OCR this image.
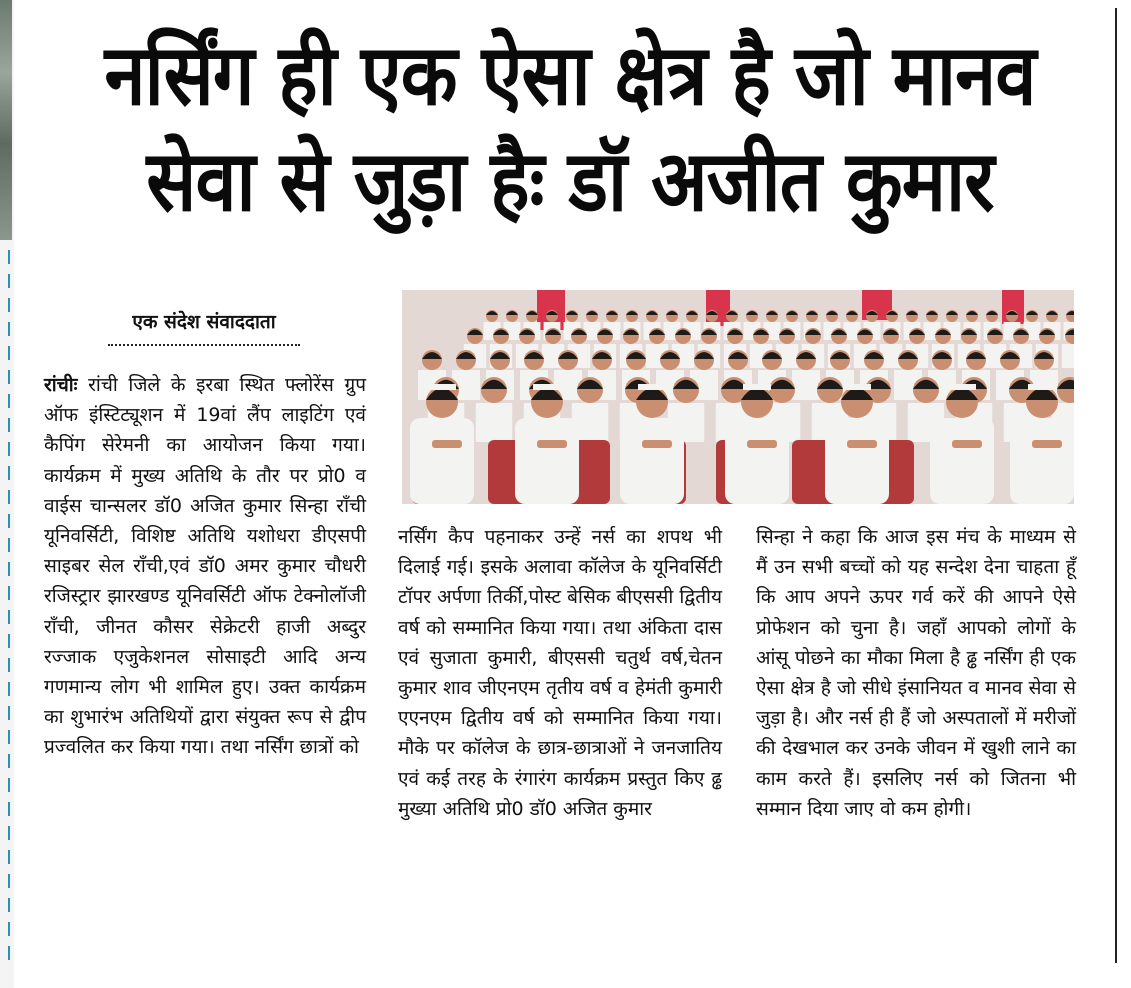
नर्सिंग ही एक ऐसा क्षेत्र है जो मानव
सेवा से जुड़ा हैः डॉ अजीत कुमार
एक संदेश संवाददाता
रांचीः रांची जिले के इरबा स्थित फ्लोरेंस ग्रुप ऑफ इंस्टिट्यूशन में 19वां लैंप लाइटिंग एवं कैपिंग सेरेमनी का आयोजन किया गया।कार्यक्रम में मुख्य अतिथि के तौर पर प्रो0 व वाईस चान्सलर डॉ0 अजित कुमार सिन्हा राँची यूनिवर्सिटी, विशिष्ट अतिथि यशोधरा डीएसपी साइबर सेल राँची,एवं डॉ0 अमर कुमार चौधरी रजिस्ट्रार झारखण्ड यूनिवर्सिटी ऑफ टेक्नोलॉजी राँची, जीनत कौसर सेक्रेटरी हाजी अब्दुर रज्जाक एजुकेशनल सोसाइटी आदि अन्य गणमान्य लोग भी शामिल हुए। उक्त कार्यक्रम का शुभारंभ अतिथियों द्वारा संयुक्त रूप से द्वीप प्रज्वलित कर किया गया। तथा नर्सिंग छात्रों को
नर्सिंग कैप पहनाकर उन्हें नर्स का शपथ भी दिलाई गई। इसके अलावा कॉलेज के यूनिवर्सिटी टॉपर अर्पणा तिर्की,पोस्ट बेसिक बीएससी द्वितीय वर्ष को सम्मानित किया गया। तथा अंकिता दास एवं सुजाता कुमारी, बीएससी चतुर्थ वर्ष,चेतन कुमार शाव जीएनएम तृतीय वर्ष व हेमंती कुमारी एएनएम द्वितीय वर्ष को सम्मानित किया गया। मौके पर कॉलेज के छात्र-छात्राओं ने जनजातिय एवं कई तरह के रंगारंग कार्यक्रम प्रस्तुत किए ढ्ढ मुख्या अतिथि प्रो0 डॉ0 अजित कुमार
सिन्हा ने कहा कि आज इस मंच के माध्यम से मैं उन सभी बच्चों को यह सन्देश देना चाहता हूँ कि आप अपने ऊपर गर्व करें की आपने ऐसे प्रोफेशन को चुना है। जहाँ आपको लोगों के आंसू पोछने का मौका मिला है ढ्ढ नर्सिंग ही एक ऐसा क्षेत्र है जो सीधे इंसानियत व मानव सेवा से जुड़ा है। और नर्स ही हैं जो अस्पतालों में मरीजों की देखभाल कर उनके जीवन में खुशी लाने का काम करते हैं। इसलिए नर्स को जितना भी सम्मान दिया जाए वो कम होगी।
